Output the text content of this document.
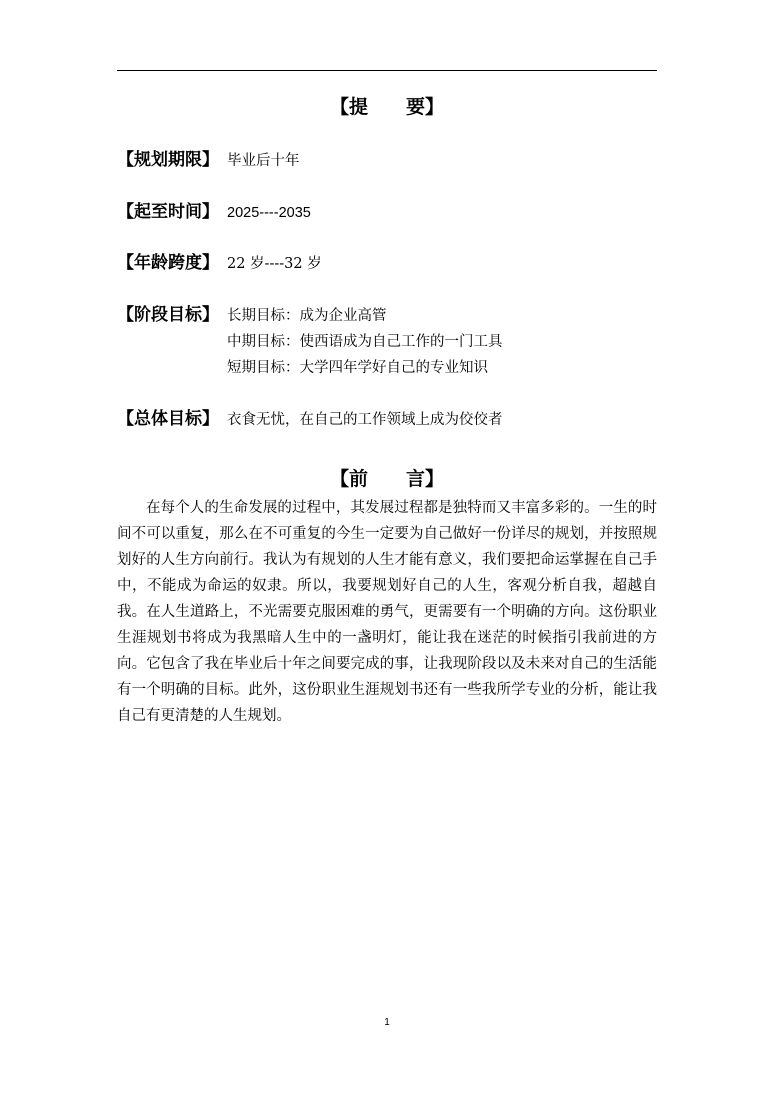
【提　　要】
【规划期限】 毕业后十年
【起至时间】 2025----2035
【年龄跨度】 22 岁----32 岁
【阶段目标】 长期目标：成为企业高管
中期目标：使西语成为自己工作的一门工具
短期目标：大学四年学好自己的专业知识
【总体目标】 衣食无忧，在自己的工作领域上成为佼佼者
【前　　言】

在每个人的生命发展的过程中，其发展过程都是独特而又丰富多彩的。一生的时间不可以重复，那么在不可重复的今生一定要为自己做好一份详尽的规划，并按照规划好的人生方向前行。我认为有规划的人生才能有意义，我们要把命运掌握在自己手中，不能成为命运的奴隶。所以，我要规划好自己的人生，客观分析自我，超越自我。在人生道路上，不光需要克服困难的勇气，更需要有一个明确的方向。这份职业生涯规划书将成为我黑暗人生中的一盏明灯，能让我在迷茫的时候指引我前进的方向。它包含了我在毕业后十年之间要完成的事，让我现阶段以及未来对自己的生活能有一个明确的目标。此外，这份职业生涯规划书还有一些我所学专业的分析，能让我自己有更清楚的人生规划。

1
